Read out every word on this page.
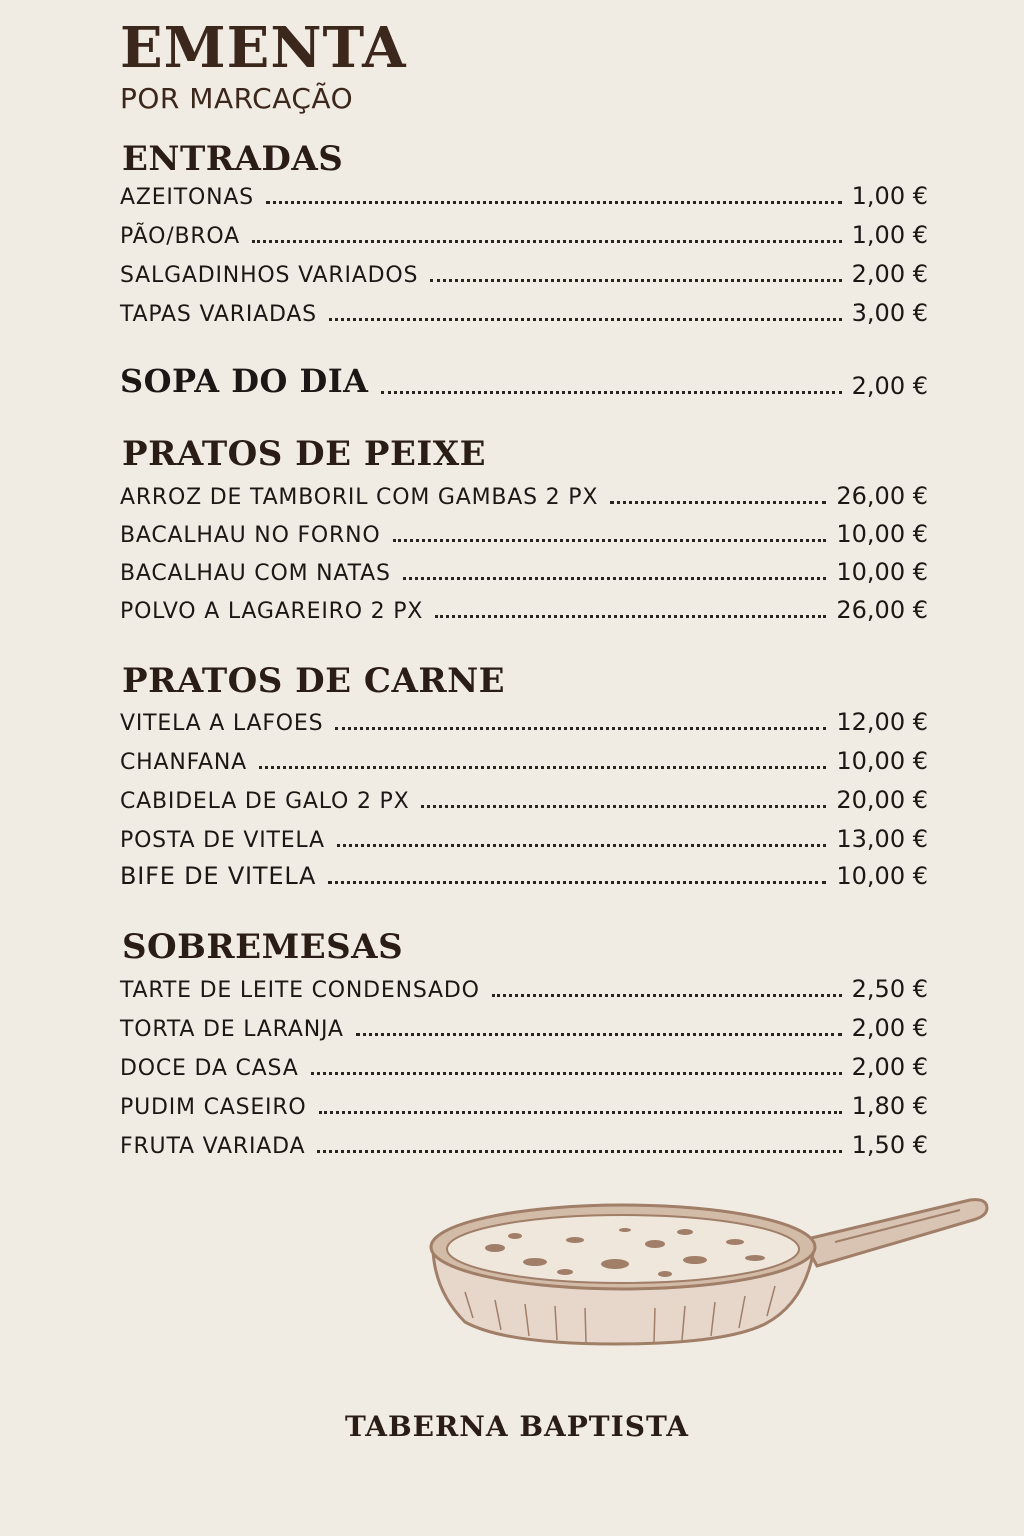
EMENTA
POR MARCAÇÃO
ENTRADAS
AZEITONAS	1,00 €
PÃO/BROA	1,00 €
SALGADINHOS VARIADOS	2,00 €
TAPAS VARIADAS	3,00 €
SOPA DO DIA	2,00 €
PRATOS DE PEIXE
ARROZ DE TAMBORIL COM GAMBAS 2 PX	26,00 €
BACALHAU NO FORNO	10,00 €
BACALHAU COM NATAS	10,00 €
POLVO A LAGAREIRO 2 PX	26,00 €
PRATOS DE CARNE
VITELA A LAFOES	12,00 €
CHANFANA	10,00 €
CABIDELA DE GALO 2 PX	20,00 €
POSTA DE VITELA	13,00 €
BIFE DE VITELA	10,00 €
SOBREMESAS
TARTE DE LEITE CONDENSADO	2,50 €
TORTA DE LARANJA	2,00 €
DOCE DA CASA	2,00 €
PUDIM CASEIRO	1,80 €
FRUTA VARIADA	1,50 €
TABERNA BAPTISTA
